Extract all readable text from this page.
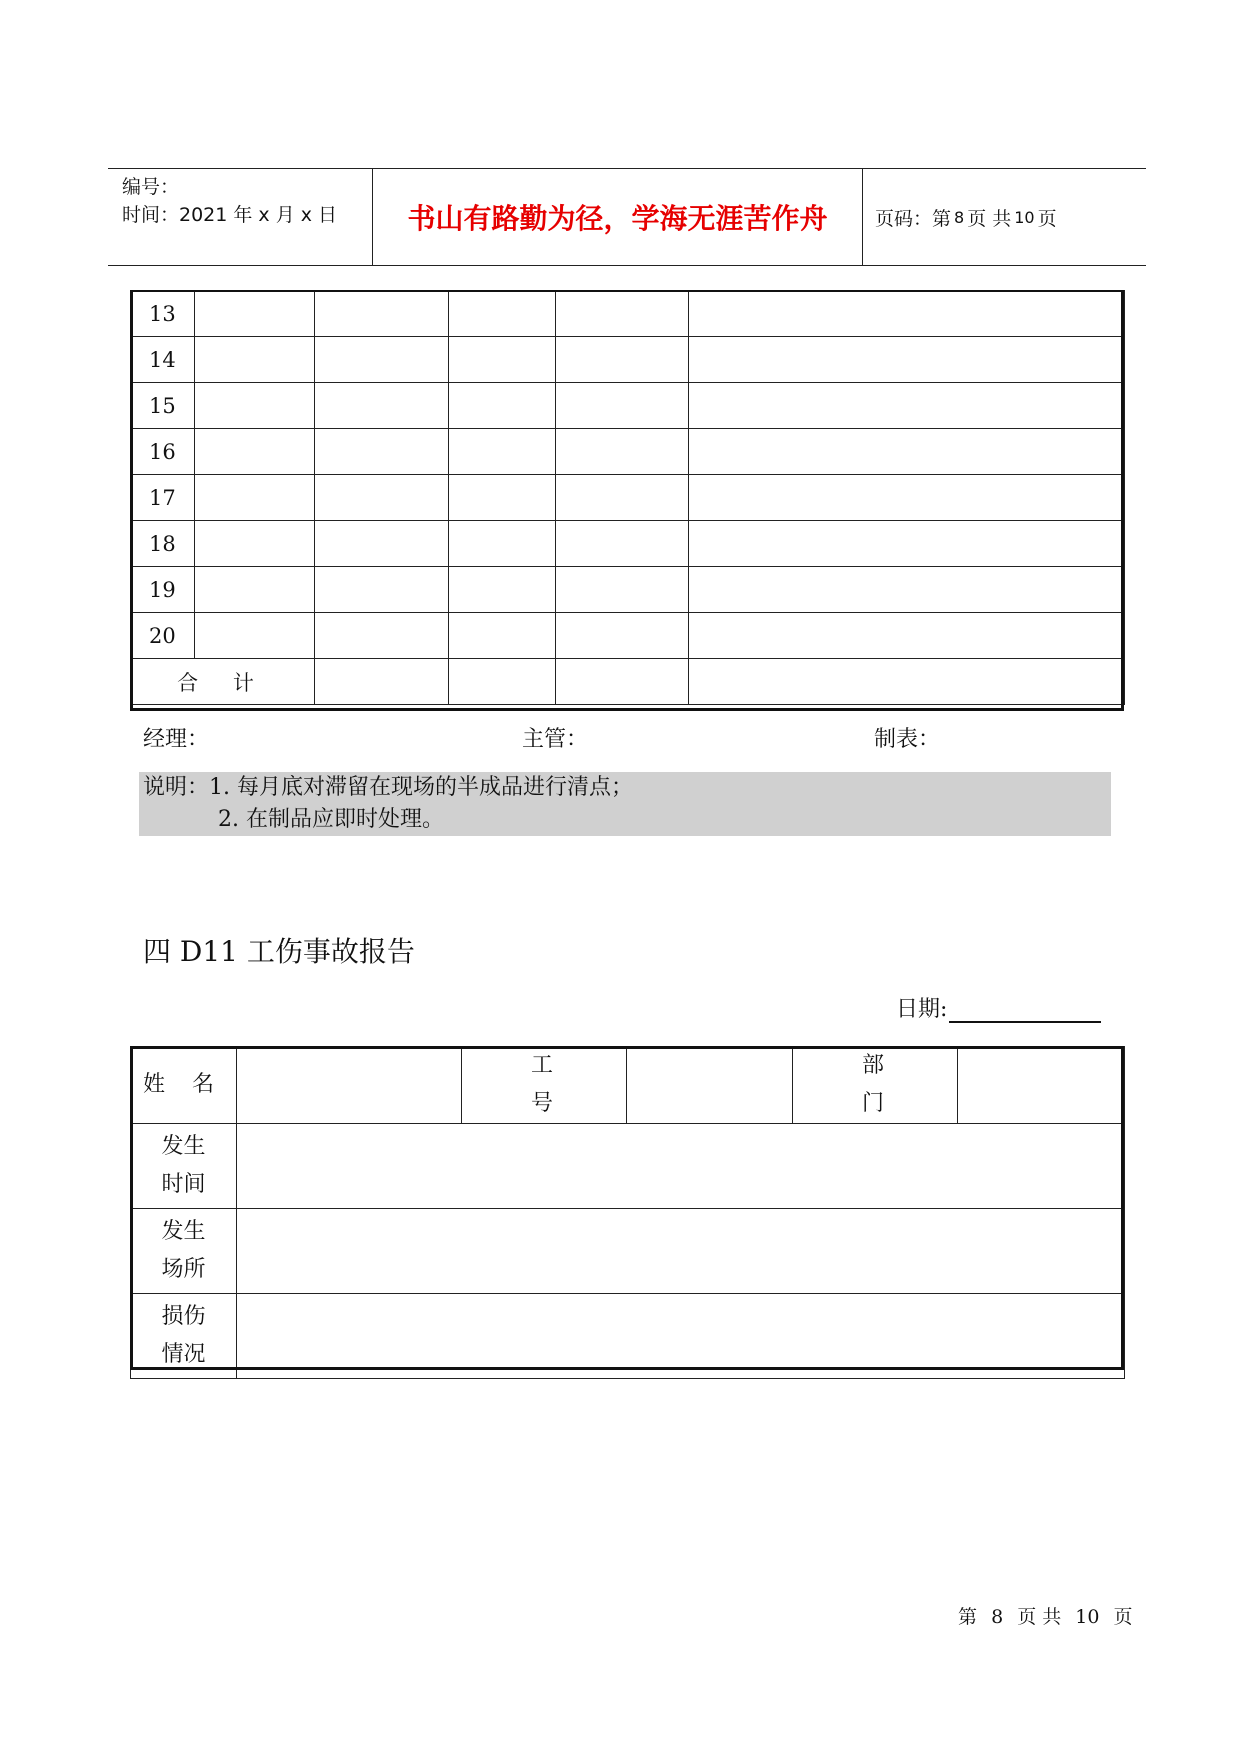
编号：
时间：2021 年 x 月 x 日	书山有路勤为径，学海无涯苦作舟	页码：第 8 页 共 10 页
13					
14					
15					
16					
17					
18					
19					
20					
合 计					
经理：	主管：	制表：
说明：1. 每月底对滞留在现场的半成品进行清点；
2. 在制品应即时处理。
四 D11 工伤事故报告
日期:
姓 名		工 号		部 门	

发生
时间					

发生
场所					

损伤
情况					

第 8 页 共 10 页
